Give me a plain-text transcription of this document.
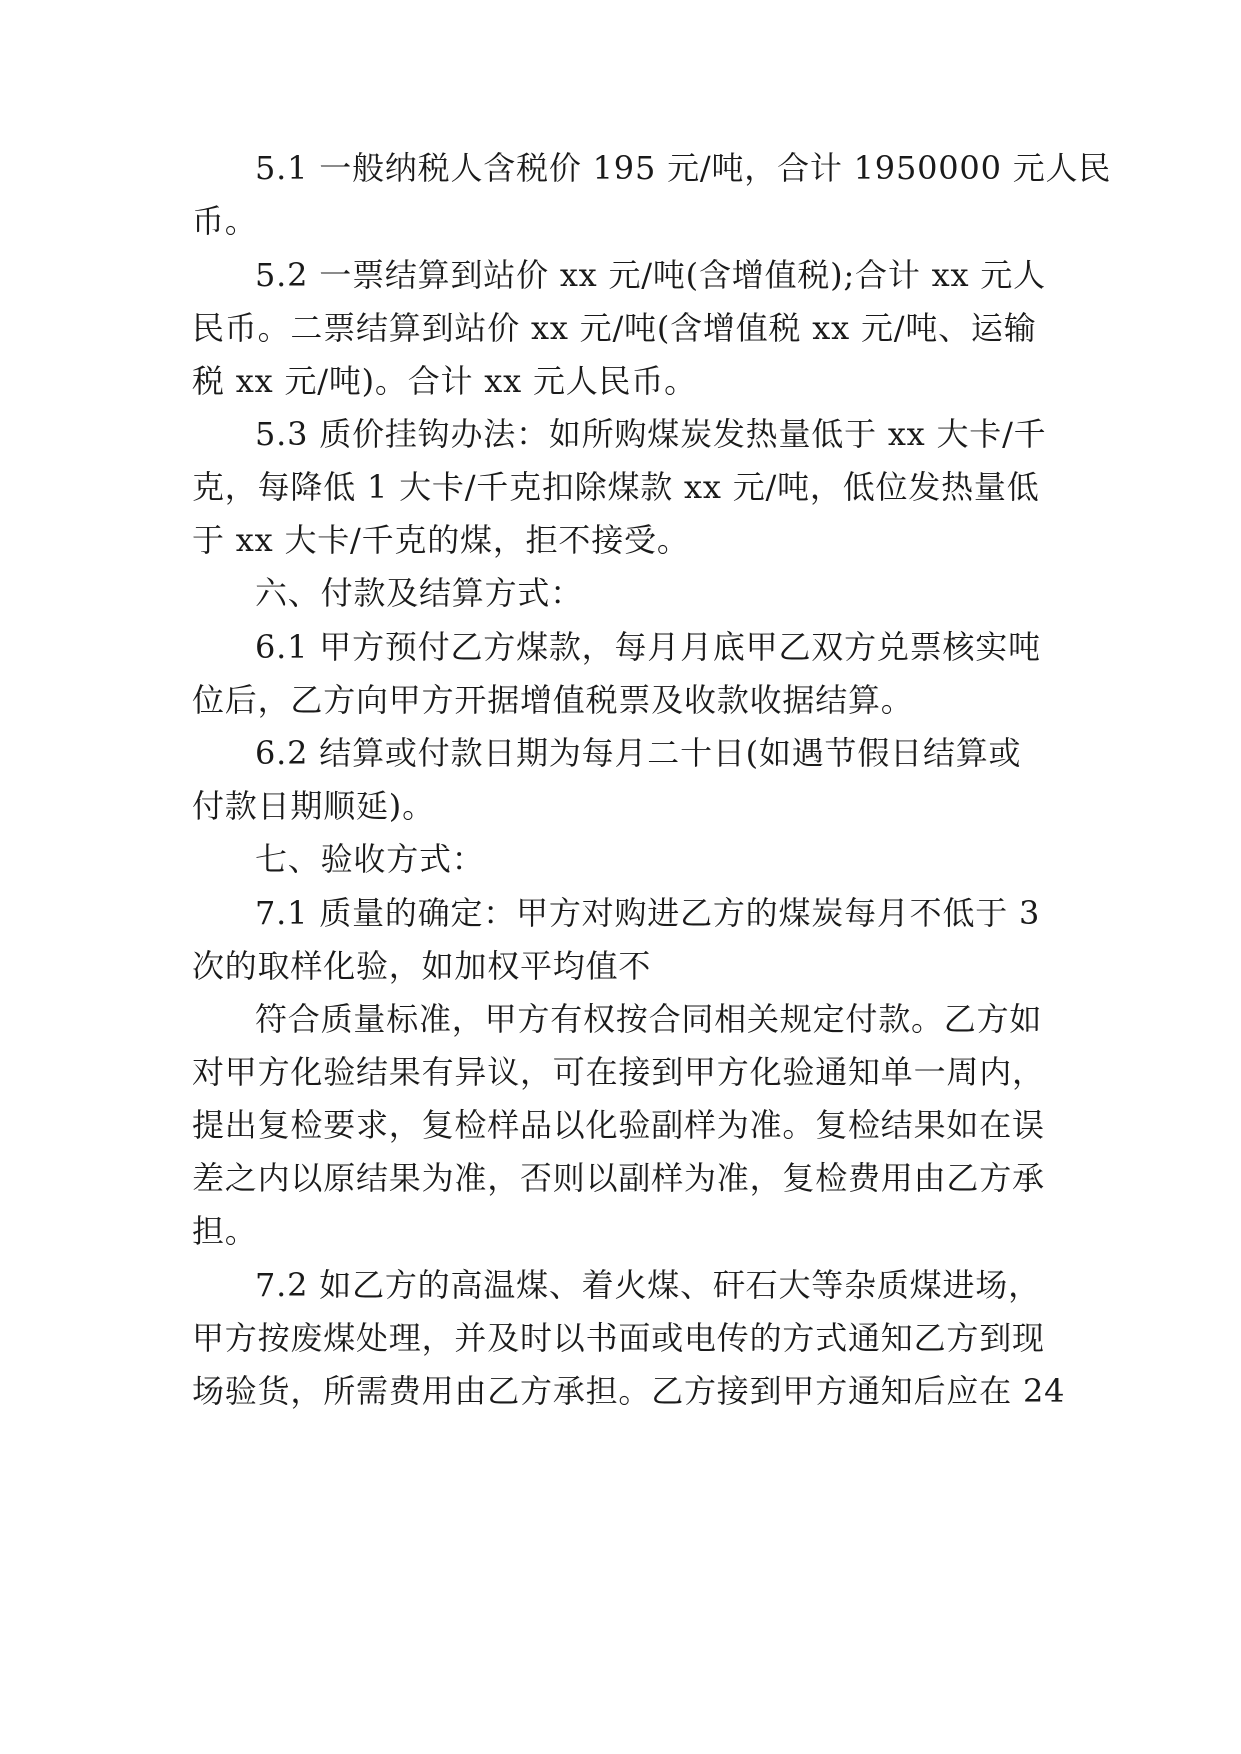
5.1 一般纳税人含税价 195 元/吨，合计 1950000 元人民
币。
5.2 一票结算到站价 xx 元/吨(含增值税);合计 xx 元人
民币。二票结算到站价 xx 元/吨(含增值税 xx 元/吨、运输
税 xx 元/吨)。合计 xx 元人民币。
5.3 质价挂钩办法：如所购煤炭发热量低于 xx 大卡/千
克，每降低 1 大卡/千克扣除煤款 xx 元/吨，低位发热量低
于 xx 大卡/千克的煤，拒不接受。
六、付款及结算方式：
6.1 甲方预付乙方煤款，每月月底甲乙双方兑票核实吨
位后，乙方向甲方开据增值税票及收款收据结算。
6.2 结算或付款日期为每月二十日(如遇节假日结算或
付款日期顺延)。
七、验收方式：
7.1 质量的确定：甲方对购进乙方的煤炭每月不低于 3
次的取样化验，如加权平均值不
符合质量标准，甲方有权按合同相关规定付款。乙方如
对甲方化验结果有异议，可在接到甲方化验通知单一周内，
提出复检要求，复检样品以化验副样为准。复检结果如在误
差之内以原结果为准，否则以副样为准，复检费用由乙方承
担。
7.2 如乙方的高温煤、着火煤、矸石大等杂质煤进场，
甲方按废煤处理，并及时以书面或电传的方式通知乙方到现
场验货，所需费用由乙方承担。乙方接到甲方通知后应在 24
